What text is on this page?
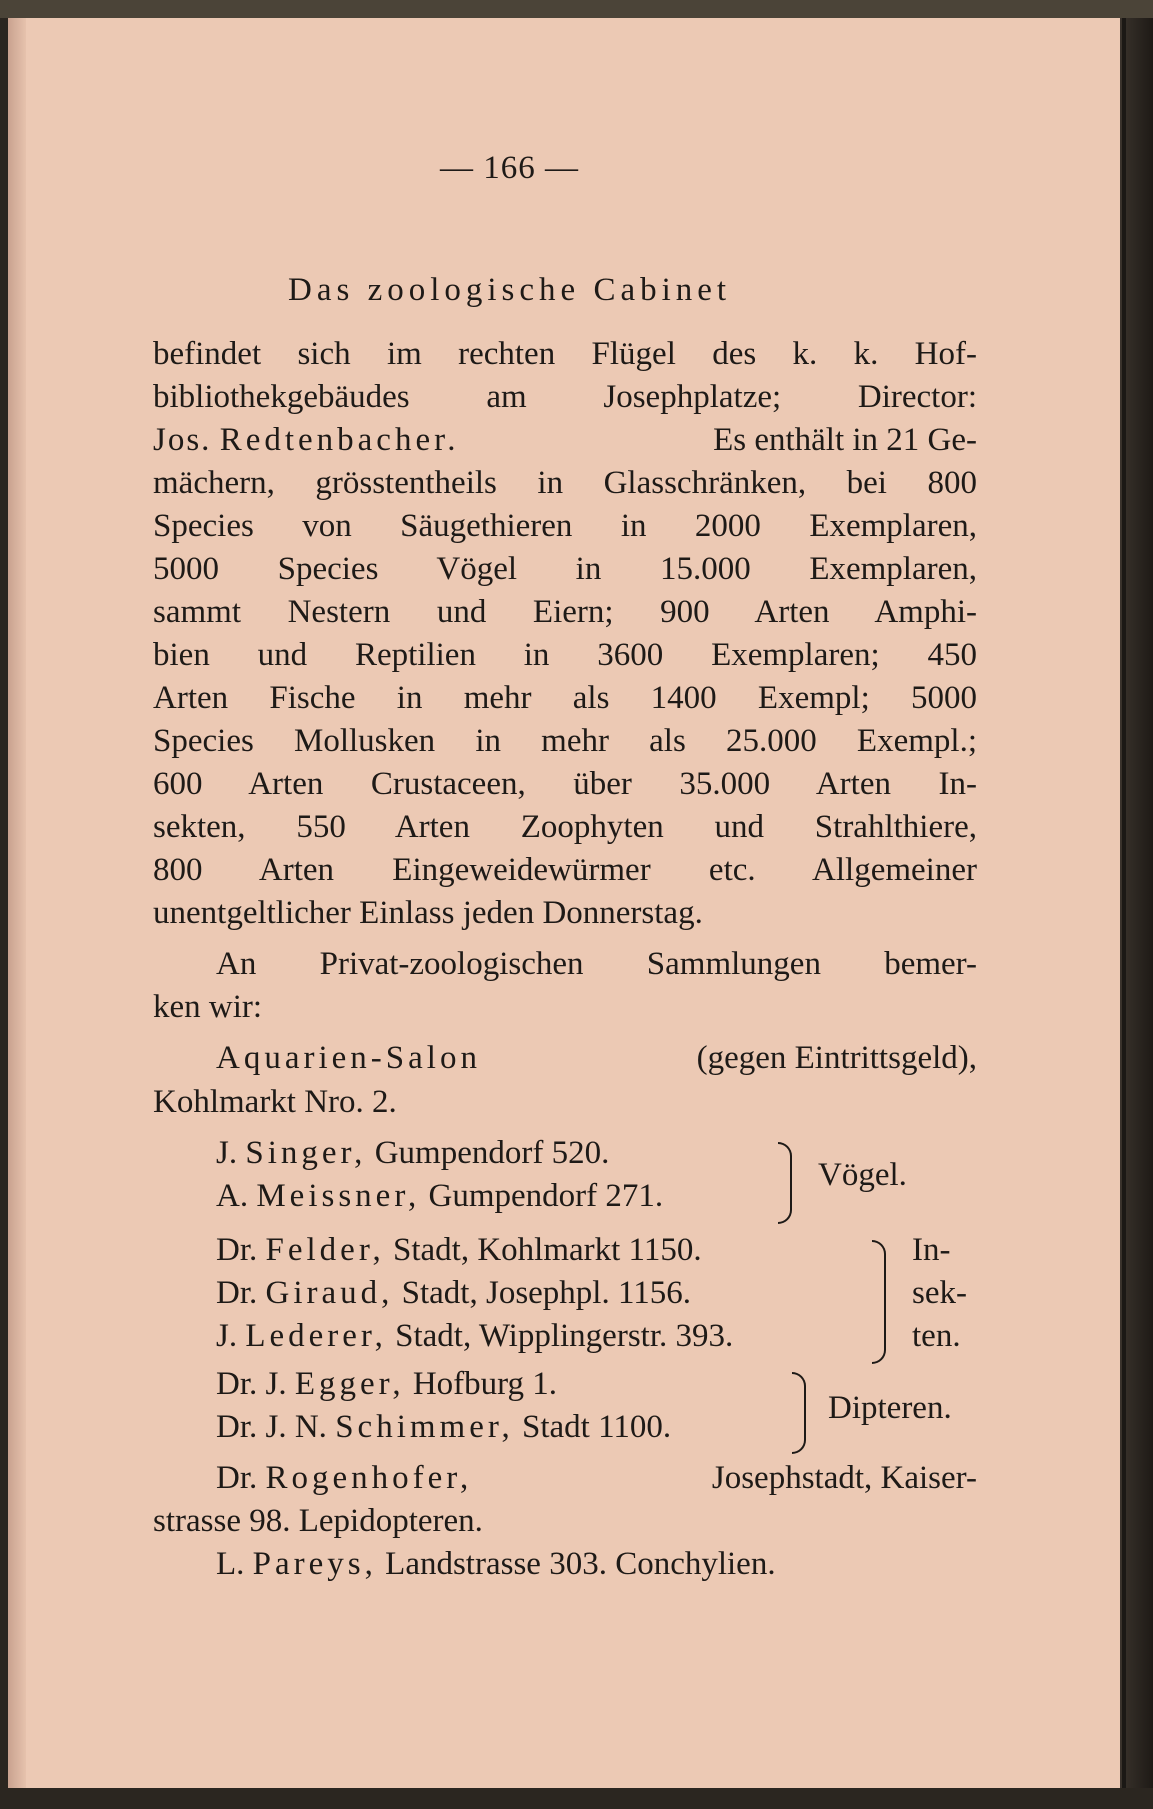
— 166 —
Das zoologische Cabinet
befindet sich im rechten Flügel des k. k. Hof-
bibliothekgebäudes am Josephplatze; Director:
Jos. Redtenbacher.	Es enthält in 21 Ge-
mächern, grösstentheils in Glasschränken, bei 800
Species von Säugethieren in 2000 Exemplaren,
5000 Species Vögel in 15.000 Exemplaren,
sammt Nestern und Eiern; 900 Arten Amphi-
bien und Reptilien in 3600 Exemplaren; 450
Arten Fische in mehr als 1400 Exempl; 5000
Species Mollusken in mehr als 25.000 Exempl.;
600 Arten Crustaceen, über 35.000 Arten In-
sekten, 550 Arten Zoophyten und Strahlthiere,
800 Arten Eingeweidewürmer etc. Allgemeiner
unentgeltlicher Einlass jeden Donnerstag.
An Privat-zoologischen Sammlungen bemer-
ken wir:
Aquarien-Salon	(gegen Eintrittsgeld),
Kohlmarkt Nro. 2.
J. Singer, Gumpendorf 520.
A. Meissner, Gumpendorf 271.
Vögel.
Dr. Felder, Stadt, Kohlmarkt 1150.
Dr. Giraud, Stadt, Josephpl. 1156.
J. Lederer, Stadt, Wipplingerstr. 393.
In-
sek-
ten.
Dr. J. Egger, Hofburg 1.
Dr. J. N. Schimmer, Stadt 1100.
Dipteren.
Dr. Rogenhofer,	Josephstadt, Kaiser-
strasse 98. Lepidopteren.
L. Pareys, Landstrasse 303. Conchylien.
